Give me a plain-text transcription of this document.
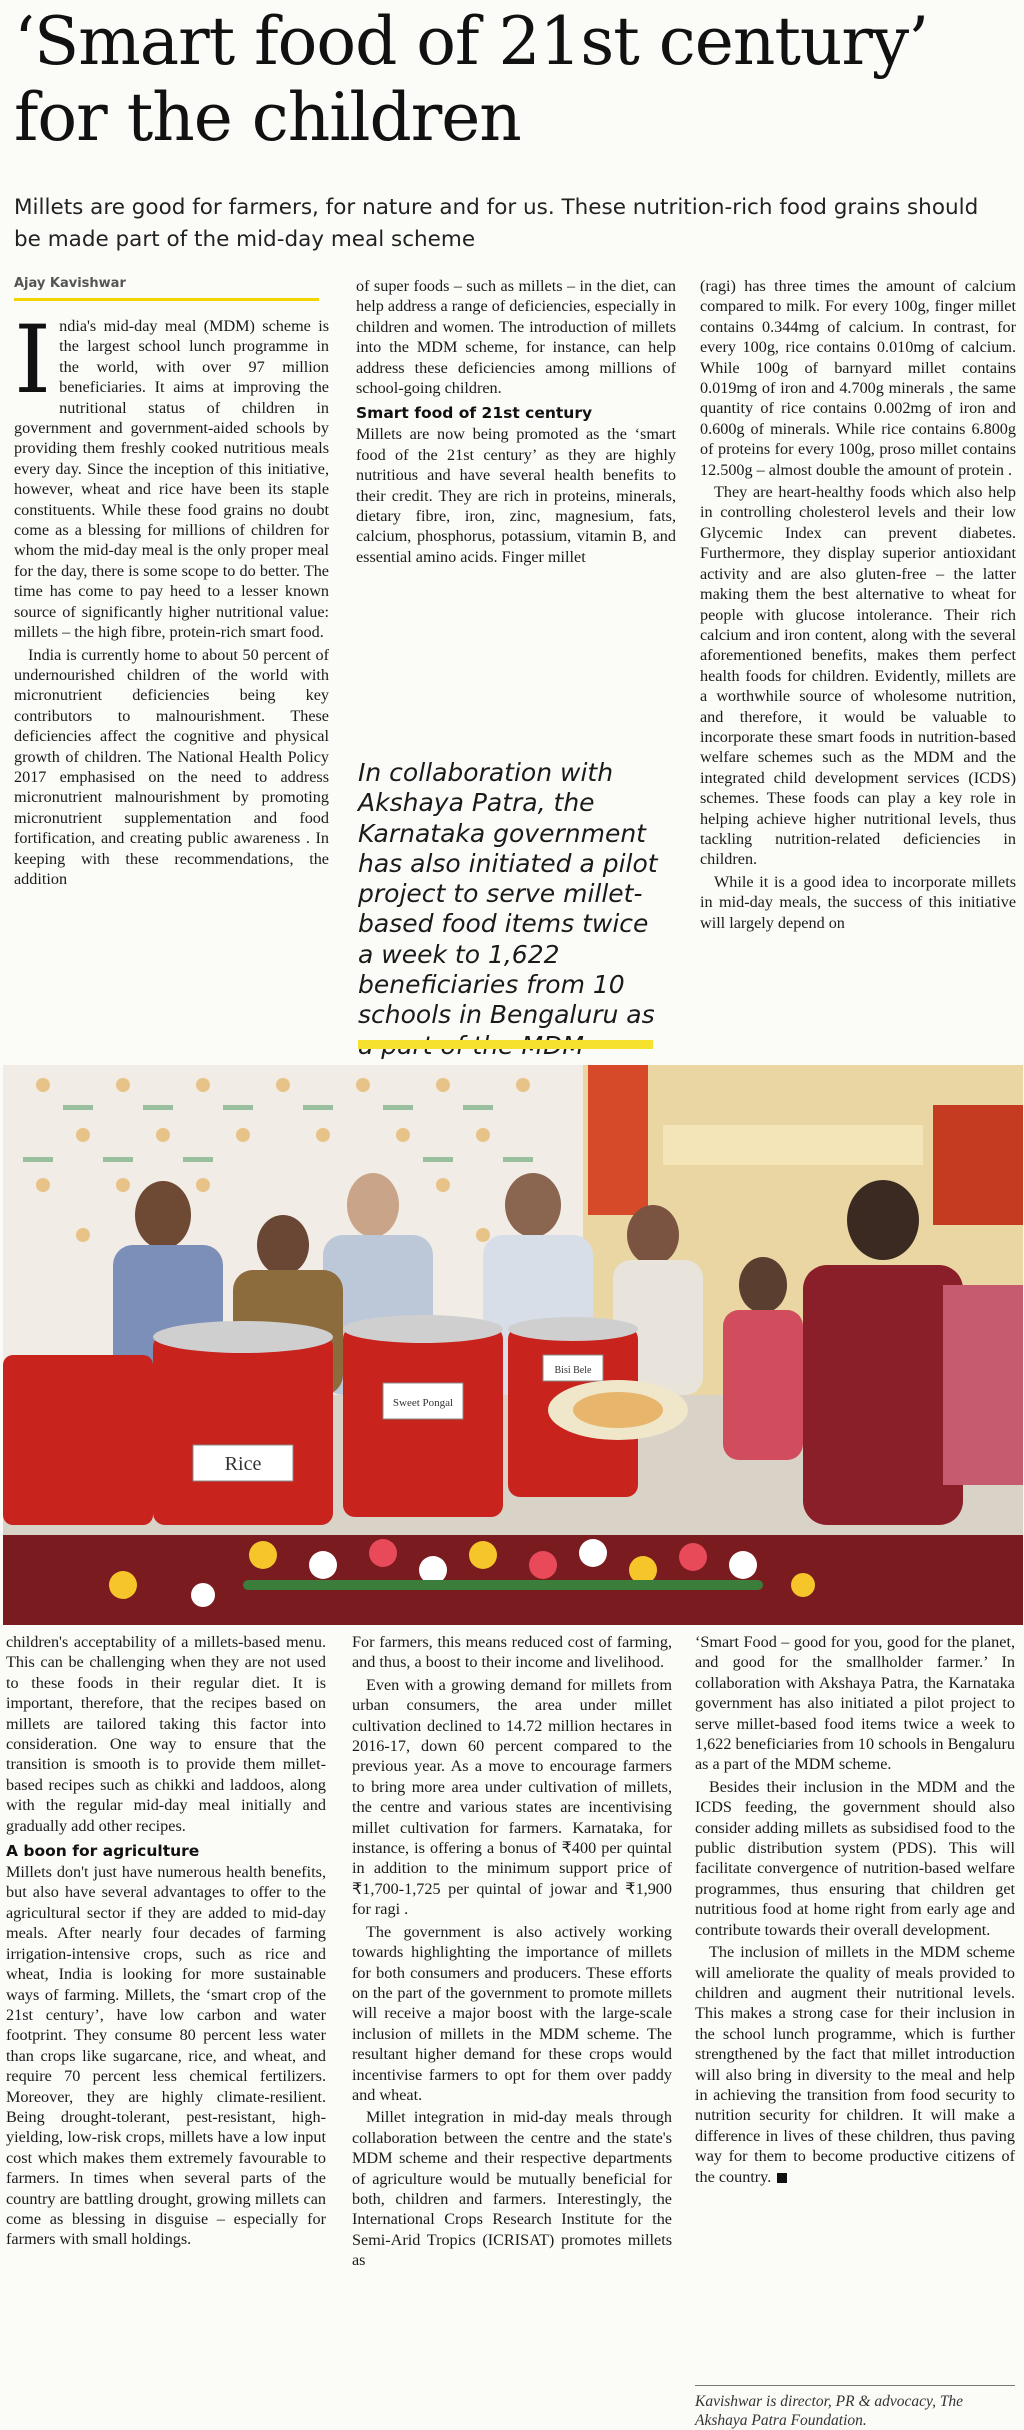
‘Smart food of 21st century’
for the children

Millets are good for farmers, for nature and for us. These nutrition-rich food grains should be made part of the mid-day meal scheme

Ajay Kavishwar

India's mid-day meal (MDM) scheme is the largest school lunch programme in the world, with over 97 million beneficiaries. It aims at improving the nutritional status of children in government and government-aided schools by providing them freshly cooked nutritious meals every day. Since the inception of this initiative, however, wheat and rice have been its staple constituents. While these food grains no doubt come as a blessing for millions of children for whom the mid-day meal is the only proper meal for the day, there is some scope to do better. The time has come to pay heed to a lesser known source of significantly higher nutritional value: millets – the high fibre, protein-rich smart food.

India is currently home to about 50 percent of undernourished children of the world with micronutrient deficiencies being key contributors to malnourishment. These deficiencies affect the cognitive and physical growth of children. The National Health Policy 2017 emphasised on the need to address micronutrient malnourishment by promoting micronutrient supplementation and food fortification, and creating public awareness . In keeping with these recommendations, the addition

of super foods – such as millets – in the diet, can help address a range of deficiencies, especially in children and women. The introduction of millets into the MDM scheme, for instance, can help address these deficiencies among millions of school-going children.

Smart food of 21st century

Millets are now being promoted as the ‘smart food of the 21st century’ as they are highly nutritious and have several health benefits to their credit. They are rich in proteins, minerals, dietary fibre, iron, zinc, magnesium, fats, calcium, phosphorus, potassium, vitamin B, and essential amino acids. Finger millet

In collaboration with Akshaya Patra, the Karnataka government has also initiated a pilot project to serve millet-based food items twice a week to 1,622 beneficiaries from 10 schools in Bengaluru as

(ragi) has three times the amount of calcium compared to milk. For every 100g, finger millet contains 0.344mg of calcium. In contrast, for every 100g, rice contains 0.010mg of calcium. While 100g of barnyard millet contains 0.019mg of iron and 4.700g minerals , the same quantity of rice contains 0.002mg of iron and 0.600g of minerals. While rice contains 6.800g of proteins for every 100g, proso millet contains 12.500g – almost double the amount of protein .

They are heart-healthy foods which also help in controlling cholesterol levels and their low Glycemic Index can prevent diabetes. Furthermore, they display superior antioxidant activity and are also gluten-free – the latter making them the best alternative to wheat for people with glucose intolerance. Their rich calcium and iron content, along with the several aforementioned benefits, makes them perfect health foods for children. Evidently, millets are a worthwhile source of wholesome nutrition, and therefore, it would be valuable to incorporate these smart foods in nutrition-based welfare schemes such as the MDM and the integrated child development services (ICDS) schemes. These foods can play a key role in helping achieve higher nutritional levels, thus tackling nutrition-related deficiencies in children.

While it is a good idea to incorporate millets in mid-day meals, the success of this initiative will largely depend on

Rice
Sweet Pongal
Bisi Bele

children's acceptability of a millets-based menu. This can be challenging when they are not used to these foods in their regular diet. It is important, therefore, that the recipes based on millets are tailored taking this factor into consideration. One way to ensure that the transition is smooth is to provide them millet-based recipes such as chikki and laddoos, along with the regular mid-day meal initially and gradually add other recipes.

A boon for agriculture

Millets don't just have numerous health benefits, but also have several advantages to offer to the agricultural sector if they are added to mid-day meals. After nearly four decades of farming irrigation-intensive crops, such as rice and wheat, India is looking for more sustainable ways of farming. Millets, the ‘smart crop of the 21st century’, have low carbon and water footprint. They consume 80 percent less water than crops like sugarcane, rice, and wheat, and require 70 percent less chemical fertilizers. Moreover, they are highly climate-resilient. Being drought-tolerant, pest-resistant, high-yielding, low-risk crops, millets have a low input cost which makes them extremely favourable to farmers. In times when several parts of the country are battling drought, growing millets can come as blessing in disguise – especially for farmers with small holdings.

For farmers, this means reduced cost of farming, and thus, a boost to their income and livelihood.

Even with a growing demand for millets from urban consumers, the area under millet cultivation declined to 14.72 million hectares in 2016-17, down 60 percent compared to the previous year. As a move to encourage farmers to bring more area under cultivation of millets, the centre and various states are incentivising millet cultivation for farmers. Karnataka, for instance, is offering a bonus of ₹400 per quintal in addition to the minimum support price of ₹1,700-1,725 per quintal of jowar and ₹1,900 for ragi .

The government is also actively working towards highlighting the importance of millets for both consumers and producers. These efforts on the part of the government to promote millets will receive a major boost with the large-scale inclusion of millets in the MDM scheme. The resultant higher demand for these crops would incentivise farmers to opt for them over paddy and wheat.

Millet integration in mid-day meals through collaboration between the centre and the state's MDM scheme and their respective departments of agriculture would be mutually beneficial for both, children and farmers. Interestingly, the International Crops Research Institute for the Semi-Arid Tropics (ICRISAT) promotes millets as

‘Smart Food – good for you, good for the planet, and good for the smallholder farmer.’ In collaboration with Akshaya Patra, the Karnataka government has also initiated a pilot project to serve millet-based food items twice a week to 1,622 beneficiaries from 10 schools in Bengaluru as a part of the MDM scheme.

Besides their inclusion in the MDM and the ICDS feeding, the government should also consider adding millets as subsidised food to the public distribution system (PDS). This will facilitate convergence of nutrition-based welfare programmes, thus ensuring that children get nutritious food at home right from early age and contribute towards their overall development.

The inclusion of millets in the MDM scheme will ameliorate the quality of meals provided to children and augment their nutritional levels. This makes a strong case for their inclusion in the school lunch programme, which is further strengthened by the fact that millet introduction will also bring in diversity to the meal and help in achieving the transition from food security to nutrition security for children. It will make a difference in lives of these children, thus paving way for them to become productive citizens of the country.

Kavishwar is director, PR & advocacy, The Akshaya Patra Foundation.
